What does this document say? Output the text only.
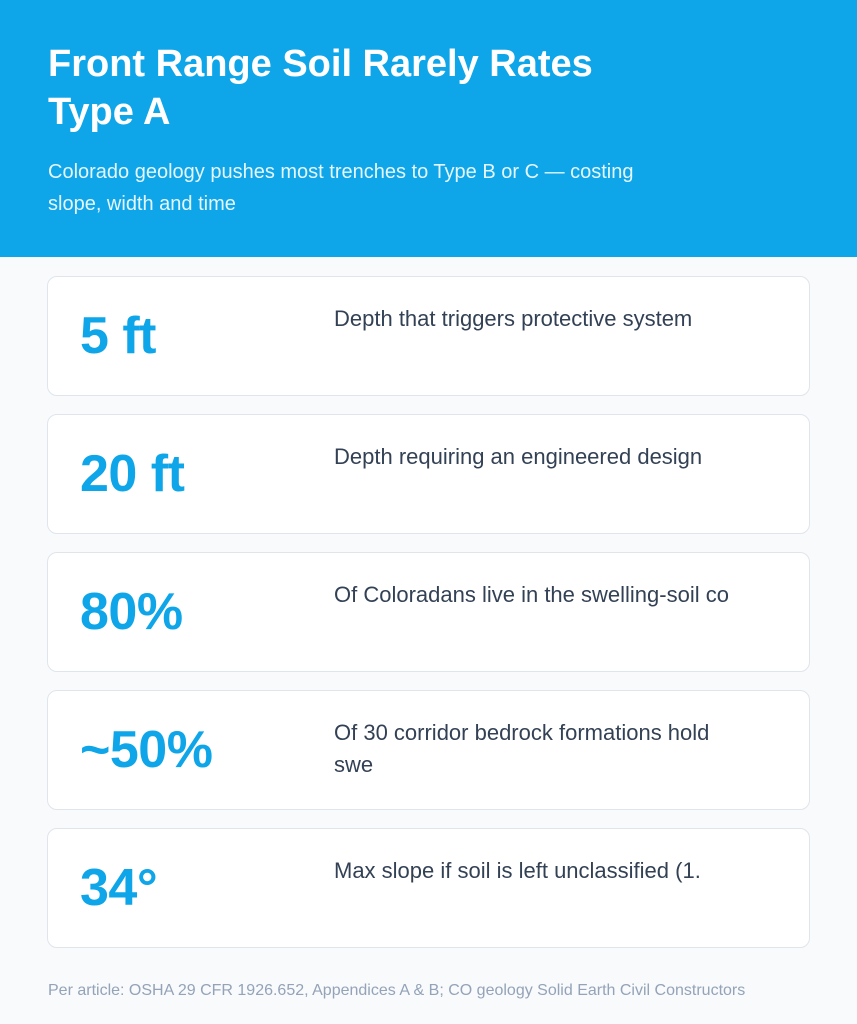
Front Range Soil Rarely Rates Type A

Colorado geology pushes most trenches to Type B or C — costing slope, width and time

5 ft	Depth that triggers protective system
20 ft	Depth requiring an engineered design
80%	Of Coloradans live in the swelling-soil co
~50%	Of 30 corridor bedrock formations hold swe
34°	Max slope if soil is left unclassified (1.
Per article: OSHA 29 CFR 1926.652, Appendices A & B; CO geology Solid Earth Civil Constructors
